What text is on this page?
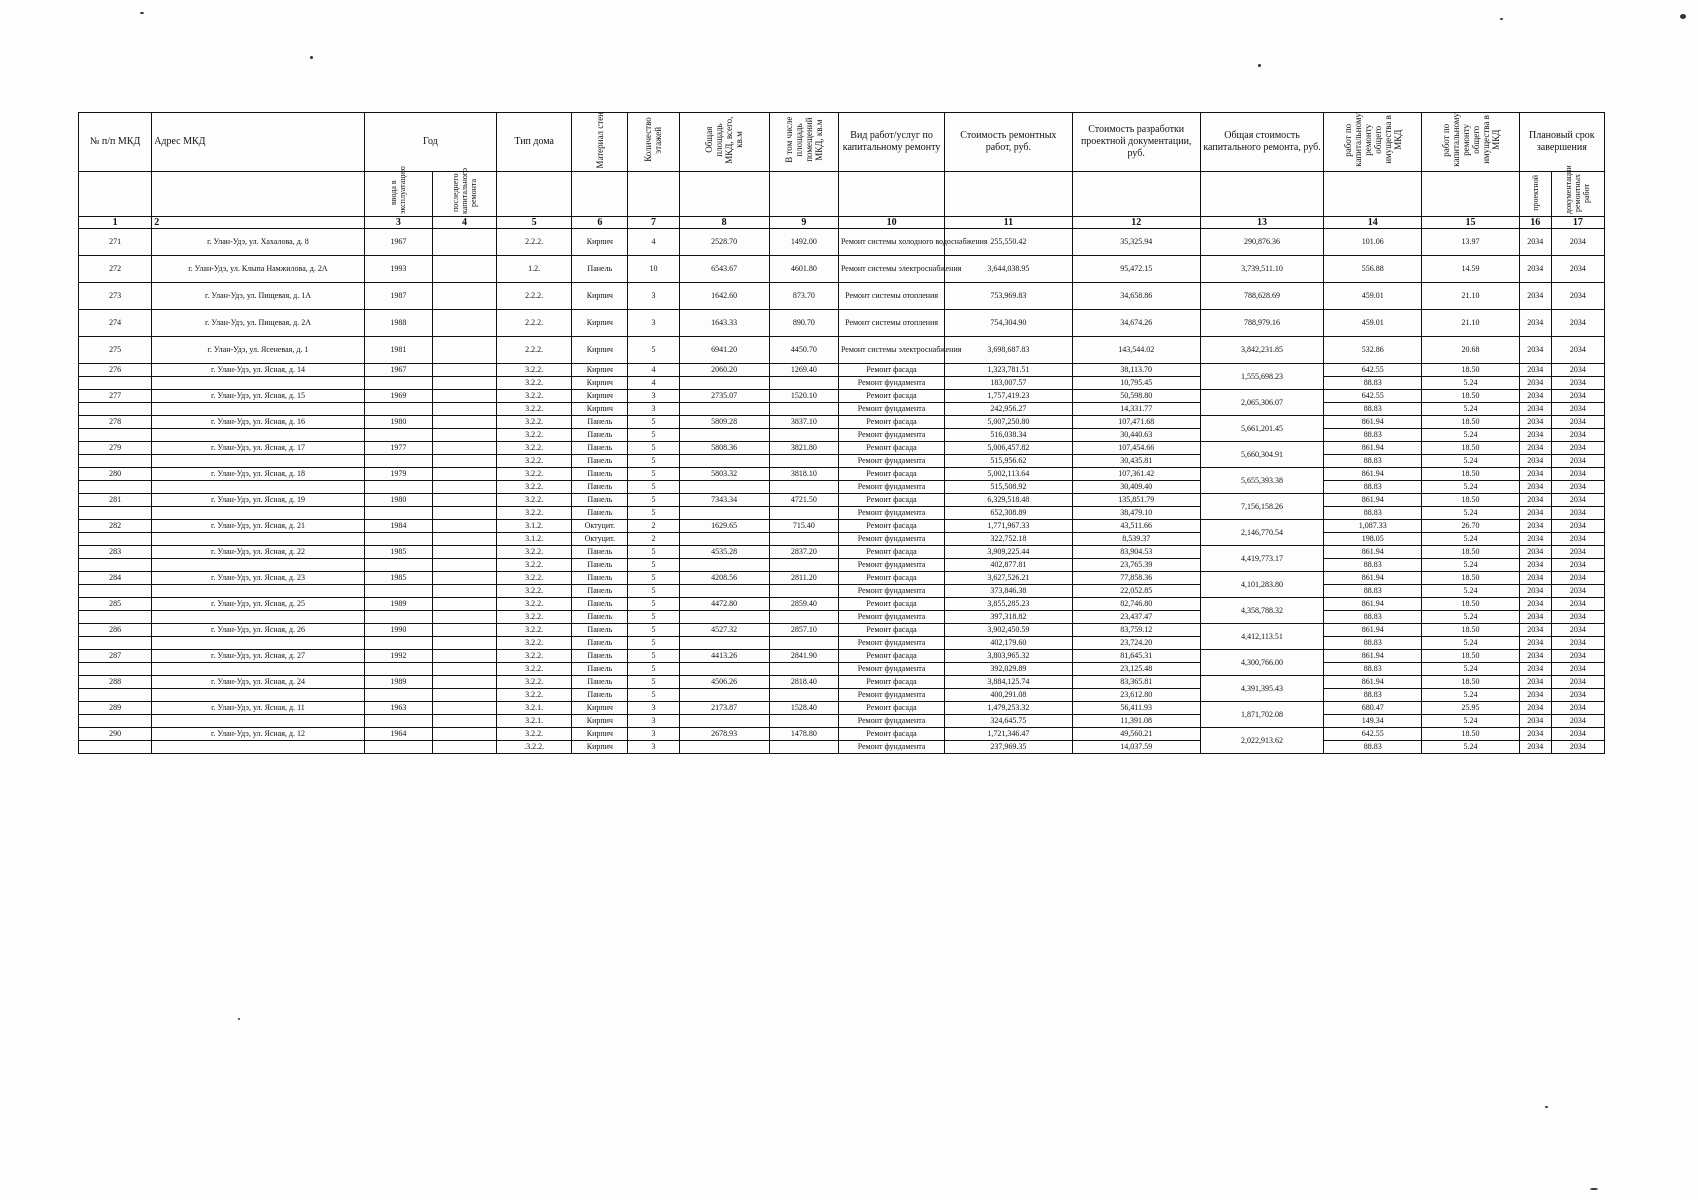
№ п/п МКД	Адрес МКД	Год		Тип дома	Материал стен	Количество этажей	Общая площадь МКД, всего, кв.м	В том числе площадь помещений МКД, кв.м	Вид работ/услуг по капитальному ремонту	Стоимость ремонтных работ, руб.	Стоимость разработки проектной документации, руб.	Общая стоимость капитального ремонта, руб.	работ по капитальному ремонту общего имущества в МКД	работ по капитальному ремонту общего имущества в МКД	Плановый срок завершения	
		ввода в эксплуатацию	последнего капитального ремонта												проектной	документации ремонтных работ
1	2	3	4	5	6	7	8	9	10	11	12	13	14	15	16	17
271	г. Улан-Удэ, ул. Хахалова, д. 8	1967		2.2.2.	Кирпич	4	2528.70	1492.00	Ремонт системы холодного водоснабжения	255,550.42	35,325.94	290,876.36	101.06	13.97	2034	2034
272	г. Улан-Удэ, ул. Клыпа Намжилова, д. 2А	1993		1.2.	Панель	10	6543.67	4601.80	Ремонт системы электроснабжения	3,644,038.95	95,472.15	3,739,511.10	556.88	14.59	2034	2034
273	г. Улан-Удэ, ул. Пищевая, д. 1А	1987		2.2.2.	Кирпич	3	1642.60	873.70	Ремонт системы отопления	753,969.83	34,658.86	788,628.69	459.01	21.10	2034	2034
274	г. Улан-Удэ, ул. Пищевая, д. 2А	1988		2.2.2.	Кирпич	3	1643.33	890.70	Ремонт системы отопления	754,304.90	34,674.26	788,979.16	459.01	21.10	2034	2034
275	г. Улан-Удэ, ул. Ясеневая, д. 1	1981		2.2.2.	Кирпич	5	6941.20	4450.70	Ремонт системы электроснабжения	3,698,687.83	143,544.02	3,842,231.85	532.86	20.68	2034	2034
276	г. Улан-Удэ, ул. Ясная, д. 14	1967		3.2.2.	Кирпич	4	2060.20	1269.40	Ремонт фасада	1,323,781.51	38,113.70	1,555,698.23	642.55	18.50	2034	2034
				3.2.2.	Кирпич	4			Ремонт фундамента	183,007.57	10,795.45		88.83	5.24	2034	2034
277	г. Улан-Удэ, ул. Ясная, д. 15	1969		3.2.2.	Кирпич	3	2735.07	1520.10	Ремонт фасада	1,757,419.23	50,598.80	2,065,306.07	642.55	18.50	2034	2034
				3.2.2.	Кирпич	3			Ремонт фундамента	242,956.27	14,331.77		88.83	5.24	2034	2034
278	г. Улан-Удэ, ул. Ясная, д. 16	1980		3.2.2.	Панель	5	5809.28	3837.10	Ремонт фасада	5,007,250.80	107,471.68	5,661,201.45	861.94	18.50	2034	2034
				3.2.2.	Панель	5			Ремонт фундамента	516,038.34	30,440.63		88.83	5.24	2034	2034
279	г. Улан-Удэ, ул. Ясная, д. 17	1977		3.2.2.	Панель	5	5808.36	3821.80	Ремонт фасада	5,006,457.82	107,454.66	5,660,304.91	861.94	18.50	2034	2034
				3.2.2.	Панель	5			Ремонт фундамента	515,956.62	30,435.81		88.83	5.24	2034	2034
280	г. Улан-Удэ, ул. Ясная, д. 18	1979		3.2.2.	Панель	5	5803.32	3818.10	Ремонт фасада	5,002,113.64	107,361.42	5,655,393.38	861.94	18.50	2034	2034
				3.2.2.	Панель	5			Ремонт фундамента	515,508.92	30,409.40		88.83	5.24	2034	2034
281	г. Улан-Удэ, ул. Ясная, д. 19	1980		3.2.2.	Панель	5	7343.34	4721.50	Ремонт фасада	6,329,518.48	135,851.79	7,156,158.26	861.94	18.50	2034	2034
				3.2.2.	Панель	5			Ремонт фундамента	652,308.89	38,479.10		88.83	5.24	2034	2034
282	г. Улан-Удэ, ул. Ясная, д. 21	1984		3.1.2.	Октуцит.	2	1629.65	715.40	Ремонт фасада	1,771,967.33	43,511.66	2,146,770.54	1,087.33	26.70	2034	2034
				3.1.2.	Октуцит.	2			Ремонт фундамента	322,752.18	8,539.37		198.05	5.24	2034	2034
283	г. Улан-Удэ, ул. Ясная, д. 22	1985		3.2.2.	Панель	5	4535.28	2837.20	Ремонт фасада	3,909,225.44	83,904.53	4,419,773.17	861.94	18.50	2034	2034
				3.2.2.	Панель	5			Ремонт фундамента	402,877.81	23,765.39		88.83	5.24	2034	2034
284	г. Улан-Удэ, ул. Ясная, д. 23	1985		3.2.2.	Панель	5	4208.56	2811.20	Ремонт фасада	3,627,526.21	77,858.36	4,101,283.80	861.94	18.50	2034	2034
				3.2.2.	Панель	5			Ремонт фундамента	373,846.38	22,052.85		88.83	5.24	2034	2034
285	г. Улан-Удэ, ул. Ясная, д. 25	1989		3.2.2.	Панель	5	4472.80	2859.40	Ремонт фасада	3,855,285.23	82,746.80	4,358,788.32	861.94	18.50	2034	2034
				3.2.2.	Панель	5			Ремонт фундамента	397,318.82	23,437.47		88.83	5.24	2034	2034
286	г. Улан-Удэ, ул. Ясная, д. 26	1990		3.2.2.	Панель	5	4527.32	2857.10	Ремонт фасада	3,902,450.59	83,759.12	4,412,113.51	861.94	18.50	2034	2034
				3.2.2.	Панель	5			Ремонт фундамента	402,179.60	23,724.20		88.83	5.24	2034	2034
287	г. Улан-Удэ, ул. Ясная, д. 27	1992		3.2.2.	Панель	5	4413.26	2841.90	Ремонт фасада	3,803,965.32	81,645.31	4,300,766.00	861.94	18.50	2034	2034
				3.2.2.	Панель	5			Ремонт фундамента	392,029.89	23,125.48		88.83	5.24	2034	2034
288	г. Улан-Удэ, ул. Ясная, д. 24	1989		3.2.2.	Панель	5	4506.26	2818.40	Ремонт фасада	3,884,125.74	83,365.81	4,391,395.43	861.94	18.50	2034	2034
				3.2.2.	Панель	5			Ремонт фундамента	400,291.08	23,612.80		88.83	5.24	2034	2034
289	г. Улан-Удэ, ул. Ясная, д. 11	1963		3.2.1.	Кирпич	3	2173.87	1528.40	Ремонт фасада	1,479,253.32	56,411.93	1,871,702.08	680.47	25.95	2034	2034
				3.2.1.	Кирпич	3			Ремонт фундамента	324,645.75	11,391.08		149.34	5.24	2034	2034
290	г. Улан-Удэ, ул. Ясная, д. 12	1964		3.2.2.	Кирпич	3	2678.93	1478.80	Ремонт фасада	1,721,346.47	49,560.21	2,022,913.62	642.55	18.50	2034	2034
				.3.2.2.	Кирпич	3			Ремонт фундамента	237,969.35	14,037.59		88.83	5.24	2034	2034
